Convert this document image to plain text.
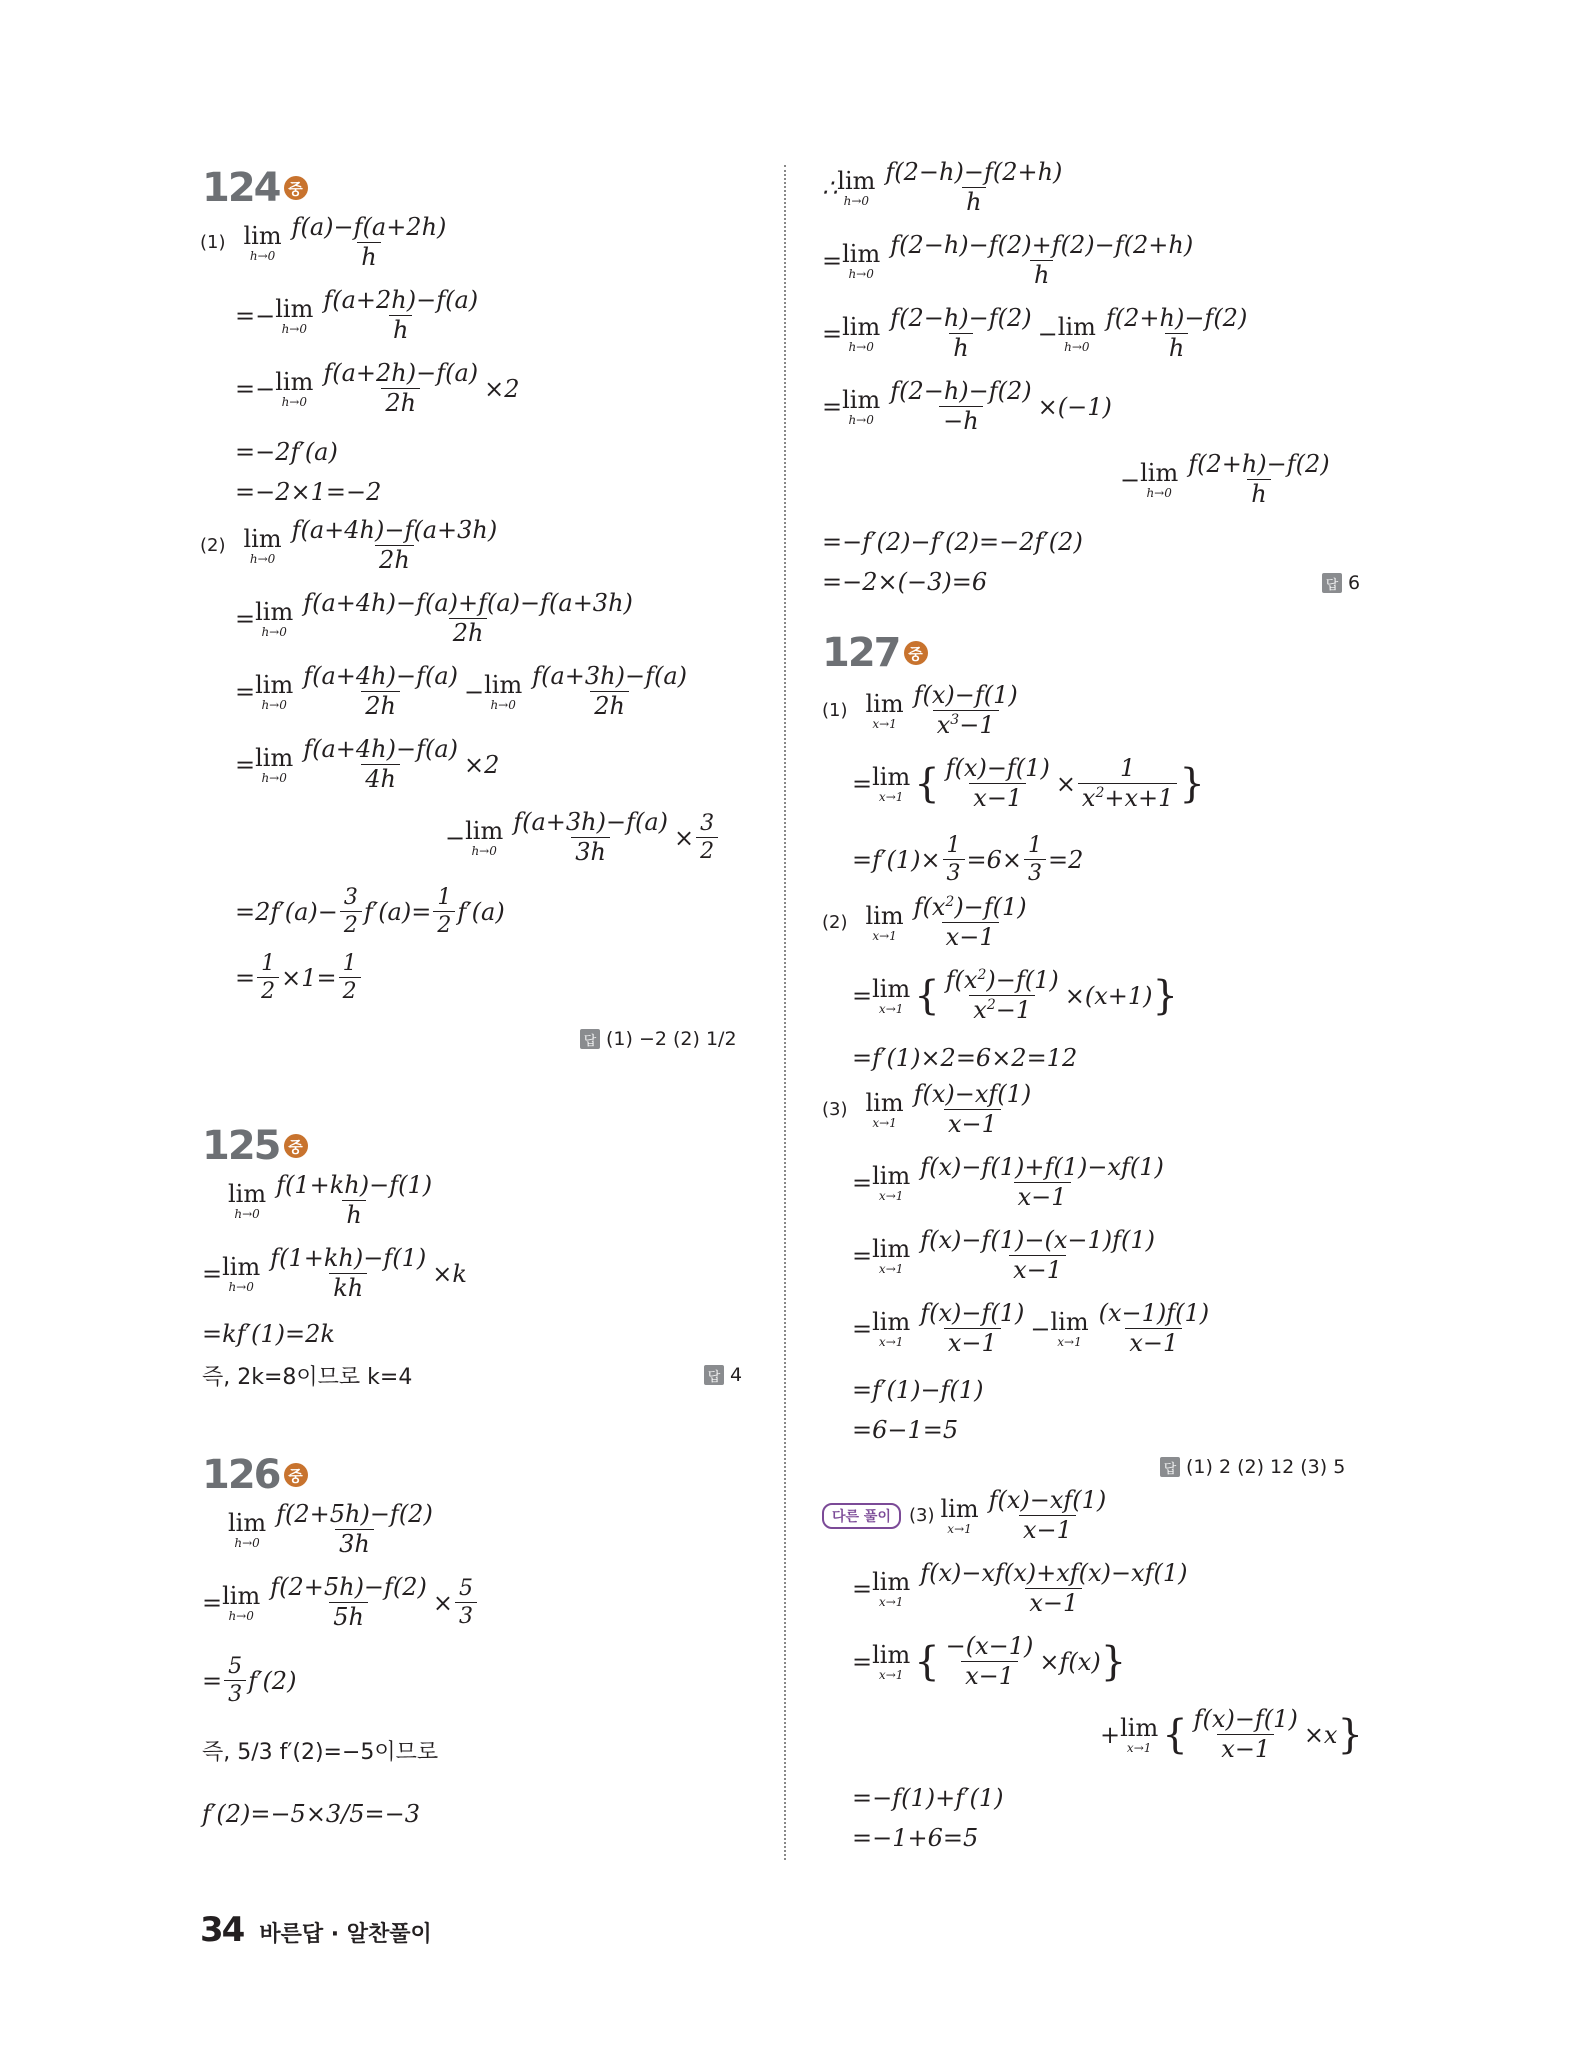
124 중
(1) lim
$h\to 0 \frac{f(a)-f(a+2h)}{h}$
=− lim
$h\to 0 \frac{f(a+2h)-f(a)}{h}$
=− lim
$h\to 0 \frac{f(a+2h)-f(a)}{2h} \times 2$
=−2f′(a)
=−2×1=−2
(2) lim
$h\to 0 \frac{f(a+4h)-f(a+3h)}{2h}$
= lim
$h\to 0 \frac{f(a+4h)-f(a)+f(a)-f(a+3h)}{2h}$
= lim
$h\to 0 \frac{f(a+4h)-f(a)}{2h} - \lim$
$h\to 0 \frac{f(a+3h)-f(a)}{2h}$
= lim
$h\to 0 \frac{f(a+4h)-f(a)}{4h} \times 2$
− lim
$h\to 0 \frac{f(a+3h)-f(a)}{3h} \times \frac{3}{2}$
$=2f'(a)- \frac{3}{2} f'(a)= \frac{1}{2} f'(a)$
= $\frac{1}{2} \times 1= \frac{1}{2}$
답 (1) −2 (2) 1/2
125 중
lim
$h\to 0 \frac{f(1+kh)-f(1)}{h}$
= lim
$h\to 0 \frac{f(1+kh)-f(1)}{kh} \times k$
=kf′(1)=2k
즉, 2k=8이므로 k=4	답 4
126 중
lim
$h\to 0 \frac{f(2+5h)-f(2)}{3h}$
= lim
$h\to 0 \frac{f(2+5h)-f(2)}{5h} \times \frac{5}{3}$
= $\frac{5}{3} f'(2)$
즉, 5/3 f′(2)=−5이므로
f′(2)=−5×3/5=−3
∴ lim
$h\to 0 \frac{f(2-h)-f(2+h)}{h}$
= lim
$h\to 0 \frac{f(2-h)-f(2)+f(2)-f(2+h)}{h}$
= lim
$h\to 0 \frac{f(2-h)-f(2)}{h} - \lim$
$h\to 0 \frac{f(2+h)-f(2)}{h}$
= lim
$h\to 0 \frac{f(2-h)-f(2)}{-h} \times(-1)$
− lim
$h\to 0 \frac{f(2+h)-f(2)}{h}$
=−f′(2)−f′(2)=−2f′(2)
=−2×(−3)=6	답 6
127 중
(1) lim
$x\to 1 \frac{f(x)-f(1)}{x^3-1}$
= lim
x→1 { $\frac{f(x)-f(1)}{x-1} \times \frac{1}{x^2+x+1}$ }
$=f'(1)\times \frac{1}{3} =6\times \frac{1}{3} =2$
(2) lim
$x\to 1 \frac{f(x^2)-f(1)}{x-1}$
= lim
x→1 { $\frac{f(x^2)-f(1)}{x^2-1} \times(x+1)$ }
=f′(1)×2=6×2=12
(3) lim
$x\to 1 \frac{f(x)-xf(1)}{x-1}$
= lim
$x\to 1 \frac{f(x)-f(1)+f(1)-xf(1)}{x-1}$
= lim
$x\to 1 \frac{f(x)-f(1)-(x-1)f(1)}{x-1}$
= lim
$x\to 1 \frac{f(x)-f(1)}{x-1} - \lim$
$x\to 1 \frac{(x-1)f(1)}{x-1}$
=f′(1)−f(1)
=6−1=5
답 (1) 2 (2) 12 (3) 5
다른 풀이	(3) lim
$x\to 1 \frac{f(x)-xf(1)}{x-1}$
= lim
$x\to 1 \frac{f(x)-xf(x)+xf(x)-xf(1)}{x-1}$
= lim
x→1 { $\frac{-(x-1)}{x-1} \times f(x)$ }
+ lim
x→1 { $\frac{f(x)-f(1)}{x-1} \times x$ }
=−f(1)+f′(1)
=−1+6=5
34 바른답 · 알찬풀이
